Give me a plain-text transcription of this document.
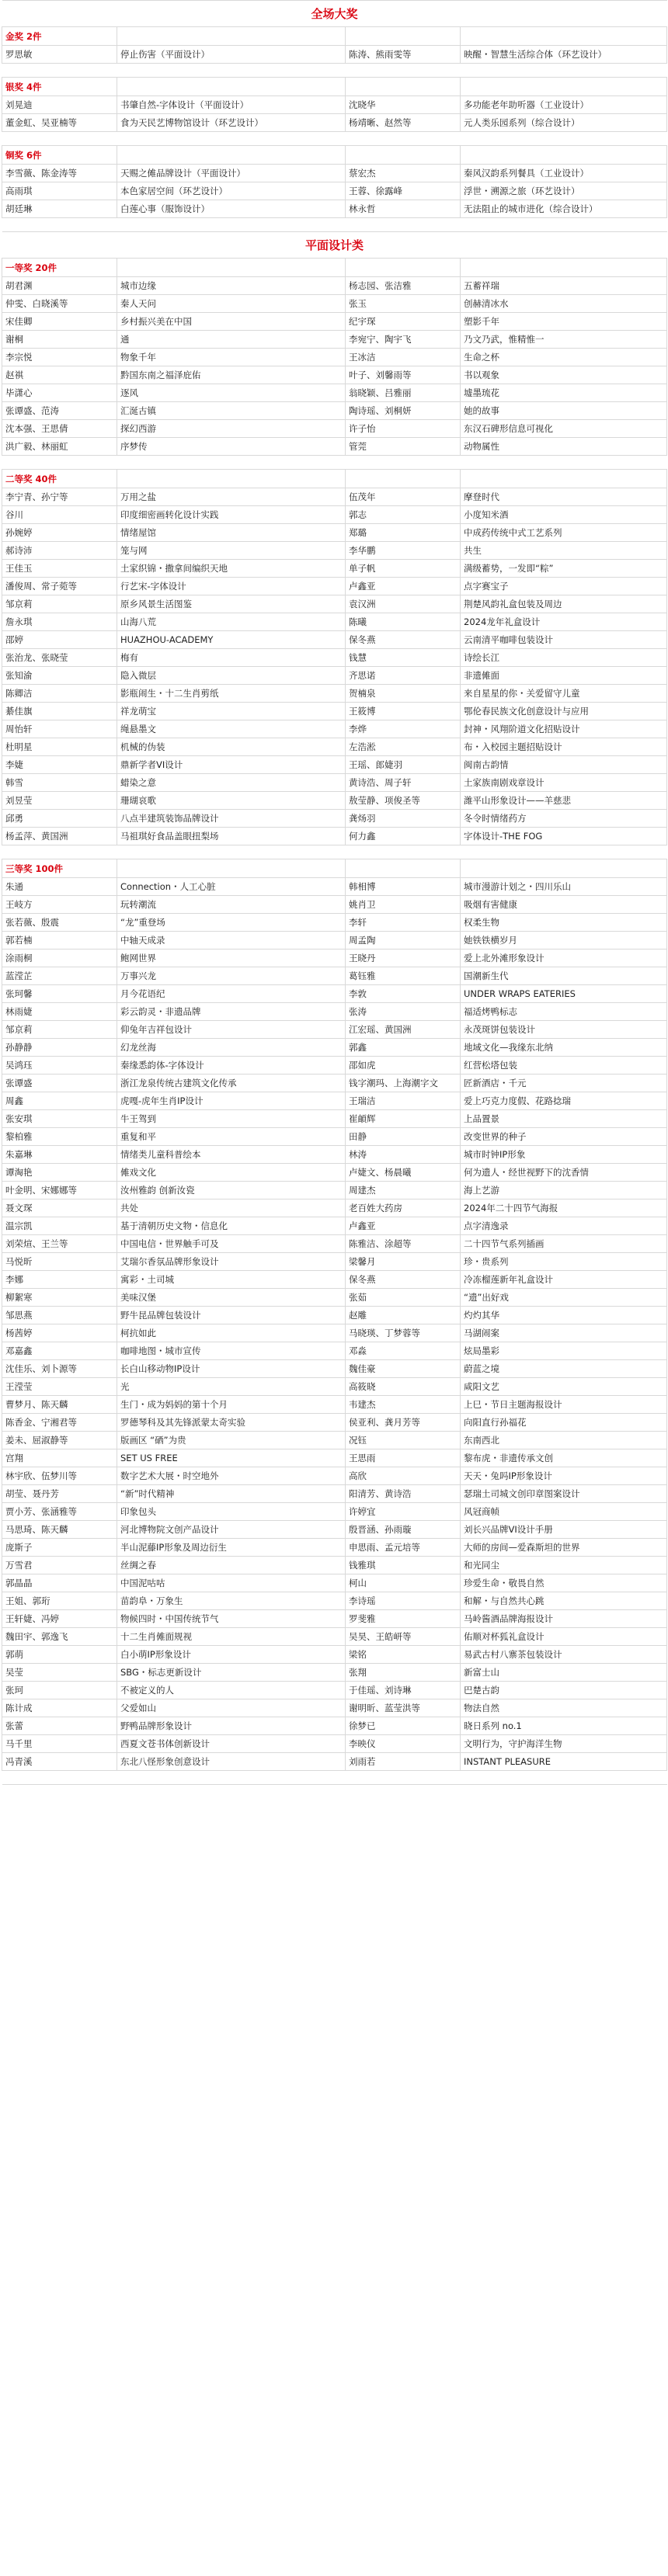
全场大奖			
金奖 2件			
罗思敏	停止伤害（平面设计）	陈涛、熊雨雯等	映醒・智慧生活综合体（环艺设计）

银奖 4件			
刘晃迪	书肇自然-字体设计（平面设计）	沈晓华	多功能老年助听器（工业设计）
董金虹、吴亚楠等	食为天民艺博物馆设计（环艺设计）	杨靖晰、赵然等	元人类乐园系列（综合设计）

铜奖 6件			
李雪薇、陈金涛等	天赐之傩品牌设计（平面设计）	蔡宏杰	秦风汉韵系列餐具（工业设计）
高雨琪	本色家居空间（环艺设计）	王蓉、徐露峰	浮世・溯源之旅（环艺设计）
胡廷琳	白莲心事（服饰设计）	林永哲	无法阻止的城市进化（综合设计）

平面设计类			
一等奖 20件			
胡君渊	城市边缘	杨志园、张洁雅	五蓄祥瑞
仲雯、白晓溪等	秦人天问	张玉	创赫清冰水
宋佳卿	乡村振兴美在中国	纪宇琛	塑影千年
谢桐	通	李宛宁、陶宇飞	乃文乃武，惟精惟一
李宗悦	物象千年	王冰洁	生命之杯
赵祺	黔国东南之福泽庇佑	叶子、刘馨雨等	书以观象
毕潇心	逐风	翁晓颖、吕雅丽	墟墨琉花
张谭盛、范涛	汇涎古镇	陶诗瑶、刘桐妍	她的故事
沈本强、王思倩	探幻西游	许子怡	东汉石碑形信息可视化
洪广毅、林丽虹	序梦传	管莞	动物属性

二等奖 40件			
李宁青、孙宁等	万用之盐	伍茂年	摩登时代
谷川	印度细密画转化设计实践	郭志	小度知米酒
孙婉婷	情绪屋馆	郑璐	中成药传统中式工艺系列
郝诗沛	笼与网	李华鹏	共生
王佳玉	土家织锦・撒拿间编织天地	单子帆	满级蓄势，一发即“粽”
潘俊周、常子菀等	行艺宋-字体设计	卢鑫亚	点字赛宝子
邹京莉	原乡风景生活图鉴	袁汉洲	荆楚风韵礼盒包装及周边
詹永琪	山海八荒	陈曦	2024龙年礼盒设计
邵婷	HUAZHOU-ACADEMY	保冬燕	云南清平咖啡包装设计
张治龙、张晓莹	梅有	钱慧	诗绘长江
张知渝	隐入微层	齐思诺	非遗傩面
陈卿洁	影瓶闹生・十二生肖剪纸	贺楠泉	来自星星的你・关爱留守儿童
綦佳旗	祥龙萌宝	王筱博	鄂伦春民族文化创意设计与应用
周怡轩	绳悬墨文	李烨	封神・风翔阶道文化招贴设计
杜明星	机械的伪装	左浩淞	布・入校园主题招贴设计
李婕	鼎新学者VI设计	王瑶、郎婕羽	闽南古韵情
韩雪	蜡染之意	黄诗浩、周子轩	土家族南剧戏章设计
刘昱莹	珊瑚哀歌	敖莹静、项俊圣等	潍平山形象设计——羊慈悲
邱勇	八点半建筑装饰品牌设计	龚炀羽	冬令时情绪药方
杨孟萍、黄国洲	马祖琪好食品盖眼扭梨场	何力鑫	字体设计-THE FOG

三等奖 100件			
朱通	Connection・人工心脏	韩相博	城市漫游计划之・四川乐山
王岐方	玩转潮流	姚肖卫	吸烟有害健康
张若薇、殷震	“龙”重登场	李轩	权柔生物
郭若楠	中轴天成录	周孟陶	她铁铁横岁月
涂雨桐	鲍网世界	王晓丹	爱上北外滩形象设计
蓝滢芷	万事兴龙	葛钰雅	国潮新生代
张珂馨	月今花语纪	李敦	UNDER WRAPS EATERIES
林雨婕	彩云韵灵・非遗品牌	张涛	福适烤鸭标志
邹京莉	仰兔年吉祥包设计	江宏瑶、黄国洲	永茂斑饼包装设计
孙静静	幻龙丝海	郭鑫	地域文化—我缘东北纳
吴鸿珏	秦缘悉韵体-字体设计	邵如虎	红营松塔包装
张谭盛	浙江龙泉传统古建筑文化传承	钱字潮玛、上海潮字文	匠新酒店・千元
周鑫	虎嘎-虎年生肖IP设计	王瑞洁	爱上巧克力度假、花路捻瑞
张安琪	牛王驾到	崔頔辉	上品置景
黎柏雅	重复和平	田静	改变世界的种子
朱嘉琳	情绪类儿童科普绘本	林涛	城市时钟IP形象
谭淘艳	傩戏文化	卢婕文、杨晨曦	何为遗人・经世视野下的沈香情
叶金明、宋娜娜等	汝州雅韵 创新汝瓷	周建杰	海上艺游
聂文琛	共处	老百姓大药房	2024年二十四节气海报
温宗凯	基于清朝历史文物・信息化	卢鑫亚	点字清逸录
刘荣煊、王兰等	中国电信・世界触手可及	陈雅洁、涂超等	二十四节气系列插画
马悦昕	艾瑞尔香氛品牌形象设计	梁馨月	珍・贵系列
李娜	寓彩・土司城	保冬燕	冷冻榴莲新年礼盒设计
柳絮寒	美味汉堡	张茹	“遗”出好戏
邹思燕	野牛昆品牌包装设计	赵雕	灼灼其华
杨茜婷	柯抗如此	马晓瑛、丁梦蓉等	马湖闹案
邓嘉鑫	咖啡地图・城市宣传	邓淼	炫局墨彩
沈佳乐、刘卜源等	长白山移动物IP设计	魏佳豪	蔚蓝之境
王滢莹	光	高筱晓	咸阳文艺
曹梦月、陈天麟	生门・成为妈妈的第十个月	韦建杰	上巳・节日主题海报设计
陈香金、宁湘君等	罗德琴科及其先锋派蒙太奇实验	侯亚利、龚月芳等	向阳直行孙福花
姜未、屈淑静等	版画区 “硒”为贵	况钰	东南西北
宫翔	SET US FREE	王思雨	黎布虎・非遗传承文创
林宇欣、伍梦川等	数字艺术大展・时空地外	高欣	天天・兔吗IP形象设计
胡莹、聂丹芳	“新”时代精神	阳清芳、黄诗浩	瑟瑞土司城文创印章图案设计
贾小芳、张涵雅等	印象包头	许婷宜	风冠商帧
马思琦、陈天麟	河北博物院文创产品设计	殷晋涵、孙雨璇	刘长兴品牌VI设计手册
庞斯子	半山泥藤IP形象及周边衍生	申思雨、孟元培等	大师的房间—爱森斯坦的世界
万雪君	丝绸之春	钱雅琪	和光同尘
郭晶晶	中国泥咕咕	柯山	珍爱生命・敬畏自然
王姐、郭珩	苗韵阜・万象生	李诗瑶	和解・与自然共心跳
王轩婕、冯婷	物候四时・中国传统节气	罗斐雅	马岭酱酒品牌海报设计
魏田宇、郭逸飞	十二生肖傩面规视	吴昊、王皓岍等	佑顺对杯狐礼盒设计
郭萌	白小萌IP形象设计	梁铭	易武古村八寨茶包装设计
吴莹	SBG・标志更新设计	张翔	新富士山
张珂	不被定义的人	于佳瑶、刘诗琳	巴楚古韵
陈计成	父爱如山	谢明昕、蓝莹洪等	物法自然
张蕾	野鸭品牌形象设计	徐梦已	晓日系列 no.1
马千里	西夏文苍书体创新设计	李映仪	文明行为，守护海洋生物
冯青溪	东北八怪形象创意设计	刘雨若	INSTANT PLEASURE
